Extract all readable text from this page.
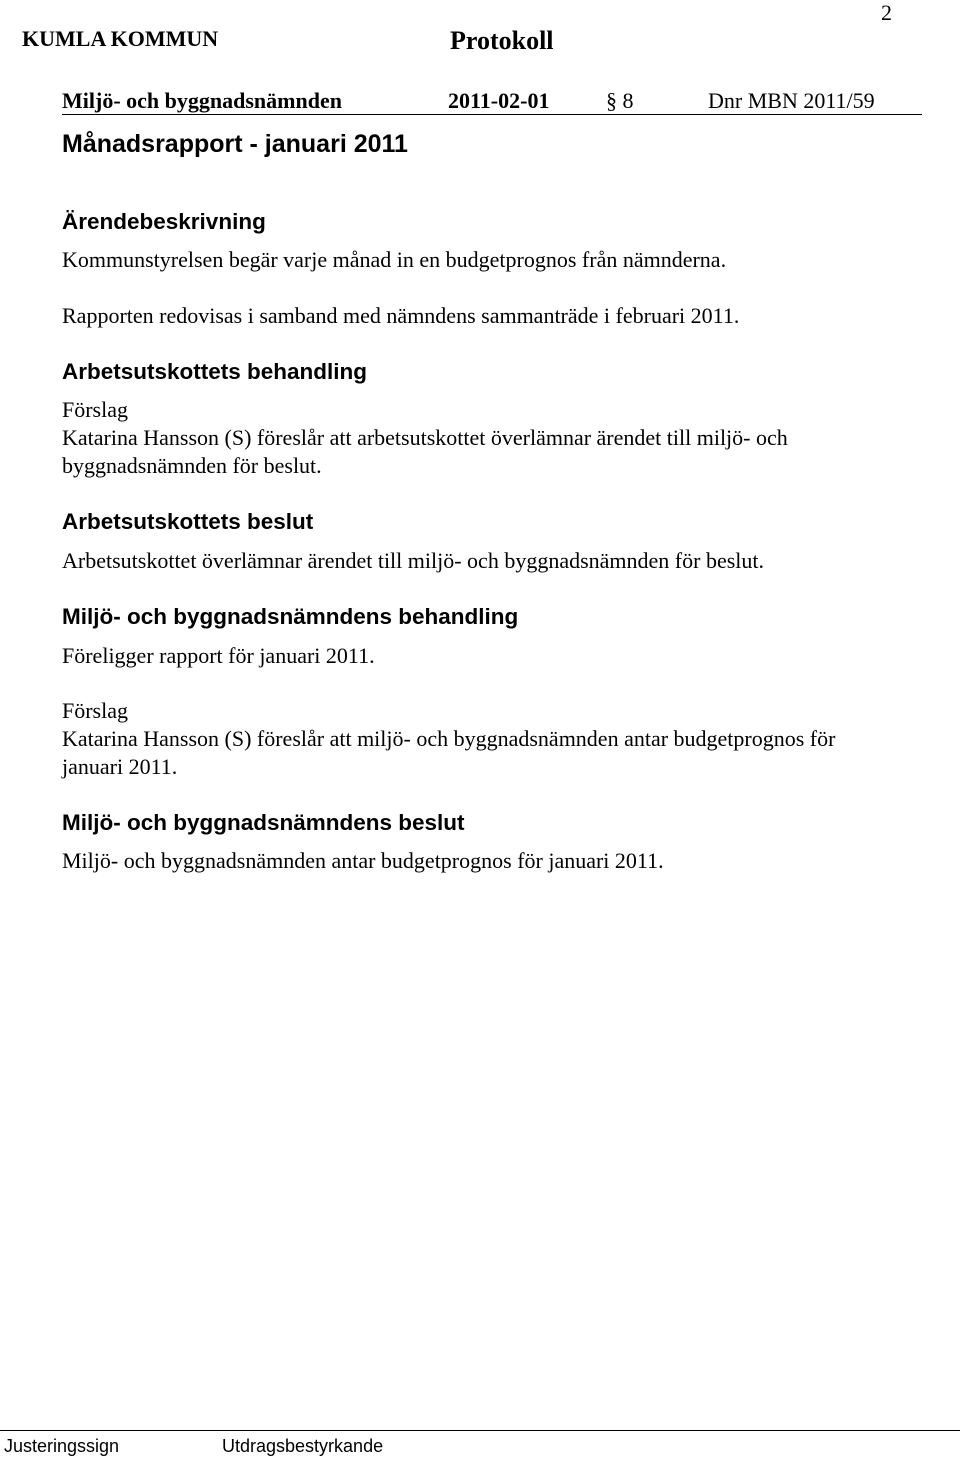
2
KUMLA KOMMUN	Protokoll
Miljö- och byggnadsnämnden	2011-02-01	§ 8	Dnr MBN 2011/59
Månadsrapport - januari 2011
Ärendebeskrivning
Kommunstyrelsen begär varje månad in en budgetprognos från nämnderna.
Rapporten redovisas i samband med nämndens sammanträde i februari 2011.
Arbetsutskottets behandling
Förslag
Katarina Hansson (S) föreslår att arbetsutskottet överlämnar ärendet till miljö- och
byggnadsnämnden för beslut.
Arbetsutskottets beslut
Arbetsutskottet överlämnar ärendet till miljö- och byggnadsnämnden för beslut.
Miljö- och byggnadsnämndens behandling
Föreligger rapport för januari 2011.
Förslag
Katarina Hansson (S) föreslår att miljö- och byggnadsnämnden antar budgetprognos för
januari 2011.
Miljö- och byggnadsnämndens beslut
Miljö- och byggnadsnämnden antar budgetprognos för januari 2011.
Justeringssign	Utdragsbestyrkande
